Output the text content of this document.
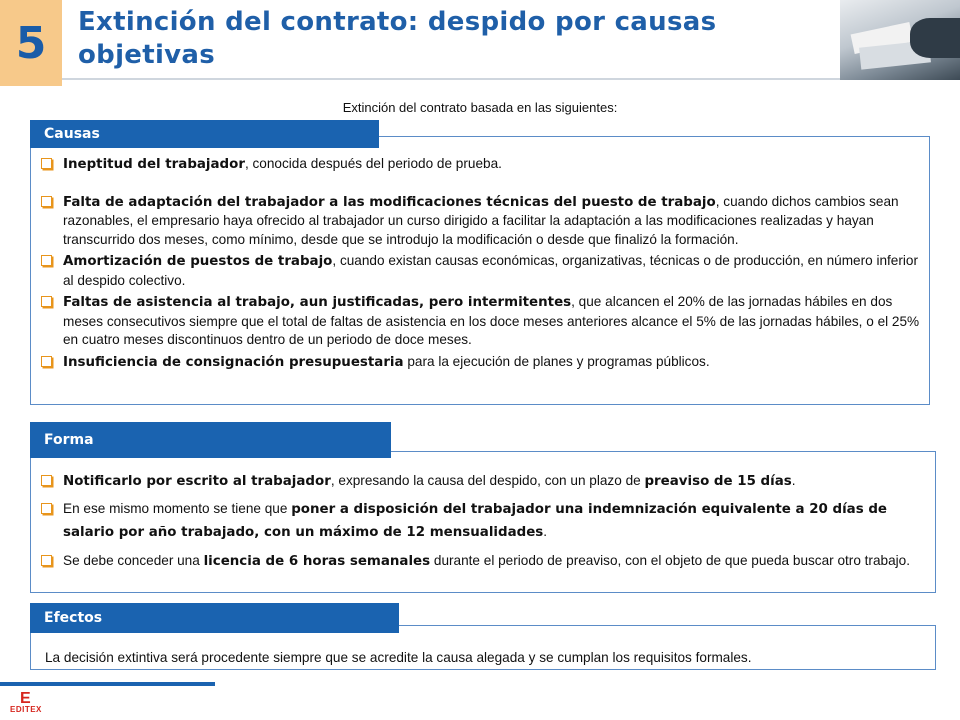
5 Extinción del contrato: despido por causas objetivas
Extinción del contrato basada en las siguientes:
Ineptitud del trabajador, conocida después del periodo de prueba.
Falta de adaptación del trabajador a las modificaciones técnicas del puesto de trabajo, cuando dichos cambios sean razonables, el empresario haya ofrecido al trabajador un curso dirigido a facilitar la adaptación a las modificaciones realizadas y hayan transcurrido dos meses, como mínimo, desde que se introdujo la modificación o desde que finalizó la formación.
Amortización de puestos de trabajo, cuando existan causas económicas, organizativas, técnicas o de producción, en número inferior al despido colectivo.
Faltas de asistencia al trabajo, aun justificadas, pero intermitentes, que alcancen el 20% de las jornadas hábiles en dos meses consecutivos siempre que el total de faltas de asistencia en los doce meses anteriores alcance el 5% de las jornadas hábiles, o el 25% en cuatro meses discontinuos dentro de un periodo de doce meses.
Insuficiencia de consignación presupuestaria para la ejecución de planes y programas públicos.
Causas
Notificarlo por escrito al trabajador, expresando la causa del despido, con un plazo de preaviso de 15 días.
En ese mismo momento se tiene que poner a disposición del trabajador una indemnización equivalente a 20 días de salario por año trabajado, con un máximo de 12 mensualidades.
Se debe conceder una licencia de 6 horas semanales durante el periodo de preaviso, con el objeto de que pueda buscar otro trabajo.
Forma
La decisión extintiva será procedente siempre que se acredite la causa alegada y se cumplan los requisitos formales.
Efectos
E
EDITEX
